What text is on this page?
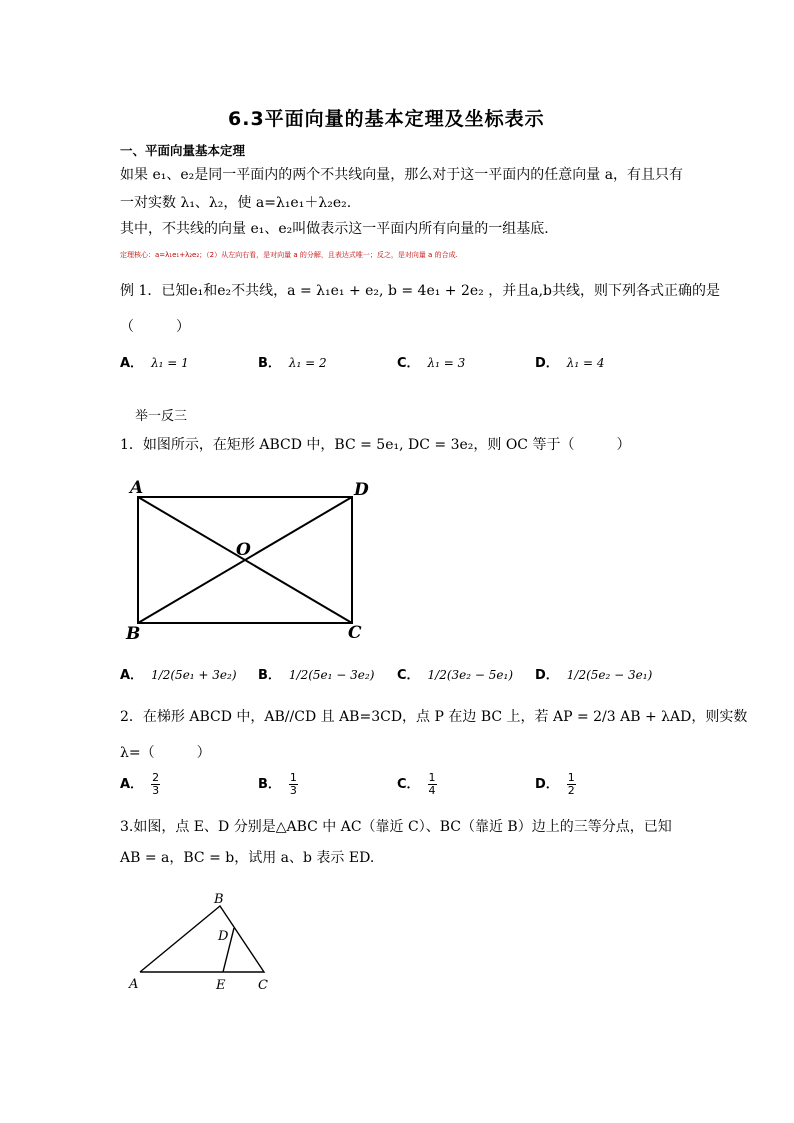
6.3平面向量的基本定理及坐标表示
一、平面向量基本定理
如果 e₁、e₂是同一平面内的两个不共线向量，那么对于这一平面内的任意向量 a，有且只有
一对实数 λ₁、λ₂，使 a=λ₁e₁＋λ₂e₂.
其中，不共线的向量 e₁、e₂叫做表示这一平面内所有向量的一组基底.
定理核心：a=λ₁e₁+λ₂e₂；（2）从左向右看，是对向量 a 的分解，且表达式唯一；反之，是对向量 a 的合成.
例 1．已知e₁和e₂不共线，a = λ₁e₁ + e₂, b = 4e₁ + 2e₂ ，并且a,b共线，则下列各式正确的是
（　　　）
A． λ₁ = 1	B． λ₁ = 2	C． λ₁ = 3	D． λ₁ = 4
举一反三
1．如图所示，在矩形 ABCD 中，BC = 5e₁, DC = 3e₂，则 OC 等于（　　　）
A	D
O
B	C
A． 1/2(5e₁ + 3e₂) B． 1/2(5e₁ − 3e₂) C． 1/2(3e₂ − 5e₁) D． 1/2(5e₂ − 3e₁)
2．在梯形 ABCD 中，AB//CD 且 AB=3CD，点 P 在边 BC 上，若 AP = 2/3 AB + λAD，则实数
λ=（　　　）
A． $\frac{2}{3}$	B． $\frac{1}{3}$	C． $\frac{1}{4}$	D． $\frac{1}{2}$
3.如图，点 E、D 分别是△ABC 中 AC（靠近 C）、BC（靠近 B）边上的三等分点，已知
AB = a，BC = b，试用 a、b 表示 ED.
B
D
A	E	C
